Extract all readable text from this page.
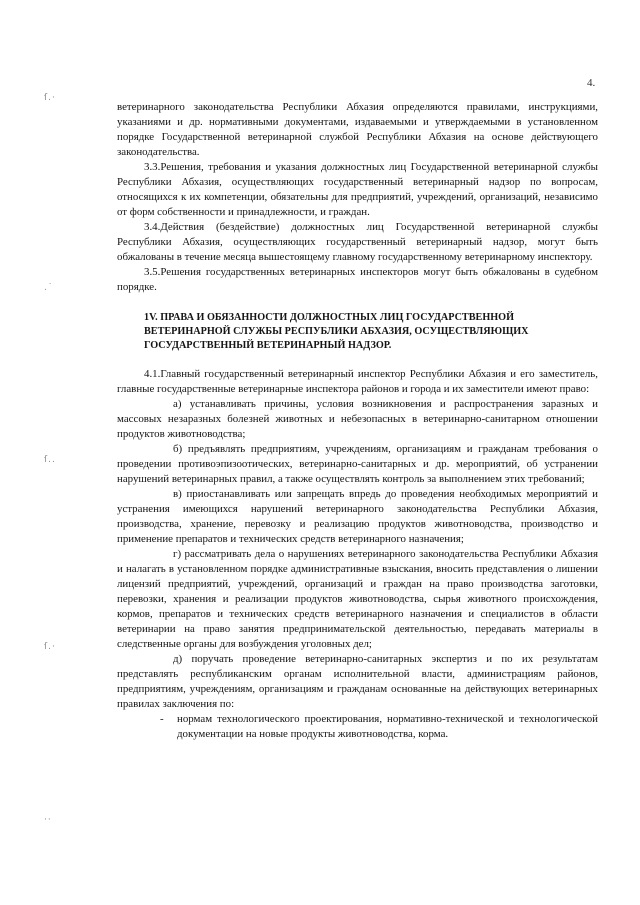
4.
ſ.·
.˙
ſ..
ſ.·
··

ветеринарного законодательства Республики Абхазия определяются правилами, инструкциями, указаниями и др. нормативными документами, издаваемыми и утверждаемыми в установленном порядке Государственной ветеринарной службой Республики Абхазия на основе действующего законодательства.

3.3.Решения, требования и указания должностных лиц Государственной ветеринарной службы Республики Абхазия, осуществляющих государственный ветеринарный надзор по вопросам, относящихся к их компетенции, обязательны для предприятий, учреждений, организаций, независимо от форм собственности и принадлежности, и граждан.

3.4.Действия (бездействие) должностных лиц Государственной ветеринарной службы Республики Абхазия, осуществляющих государственный ветеринарный надзор, могут быть обжалованы в течение месяца вышестоящему главному государственному ветеринарному инспектору.

3.5.Решения государственных ветеринарных инспекторов могут быть обжалованы в судебном порядке.

1V. ПРАВА И ОБЯЗАННОСТИ ДОЛЖНОСТНЫХ ЛИЦ ГОСУДАРСТВЕННОЙ ВЕТЕРИНАРНОЙ СЛУЖБЫ РЕСПУБЛИКИ АБХАЗИЯ, ОСУЩЕСТВЛЯЮЩИХ ГОСУДАРСТВЕННЫЙ ВЕТЕРИНАРНЫЙ НАДЗОР.

4.1.Главный государственный ветеринарный инспектор Республики Абхазия и его заместитель, главные государственные ветеринарные инспектора районов и города и их заместители имеют право:

а) устанавливать причины, условия возникновения и распространения заразных и массовых незаразных болезней животных и небезопасных в ветеринарно-санитарном отношении продуктов животноводства;

б) предъявлять предприятиям, учреждениям, организациям и гражданам требования о проведении противоэпизоотических, ветеринарно-санитарных и др. мероприятий, об устранении нарушений ветеринарных правил, а также осуществлять контроль за выполнением этих требований;

в) приостанавливать или запрещать впредь до проведения необходимых мероприятий и устранения имеющихся нарушений ветеринарного законодательства Республики Абхазия, производства, хранение, перевозку и реализацию продуктов животноводства, производство и применение препаратов и технических средств ветеринарного назначения;

г) рассматривать дела о нарушениях ветеринарного законодательства Республики Абхазия и налагать в установленном порядке административные взыскания, вносить представления о лишении лицензий предприятий, учреждений, организаций и граждан на право производства заготовки, перевозки, хранения и реализации продуктов животноводства, сырья животного происхождения, кормов, препаратов и технических средств ветеринарного назначения и специалистов в области ветеринарии на право занятия предпринимательской деятельностью, передавать материалы в следственные органы для возбуждения уголовных дел;

д) поручать проведение ветеринарно-санитарных экспертиз и по их результатам представлять республиканским органам исполнительной власти, администрациям районов, предприятиям, учреждениям, организациям и гражданам основанные на действующих ветеринарных правилах заключения по:

- нормам технологического проектирования, нормативно-технической и технологической документации на новые продукты животноводства, корма.
